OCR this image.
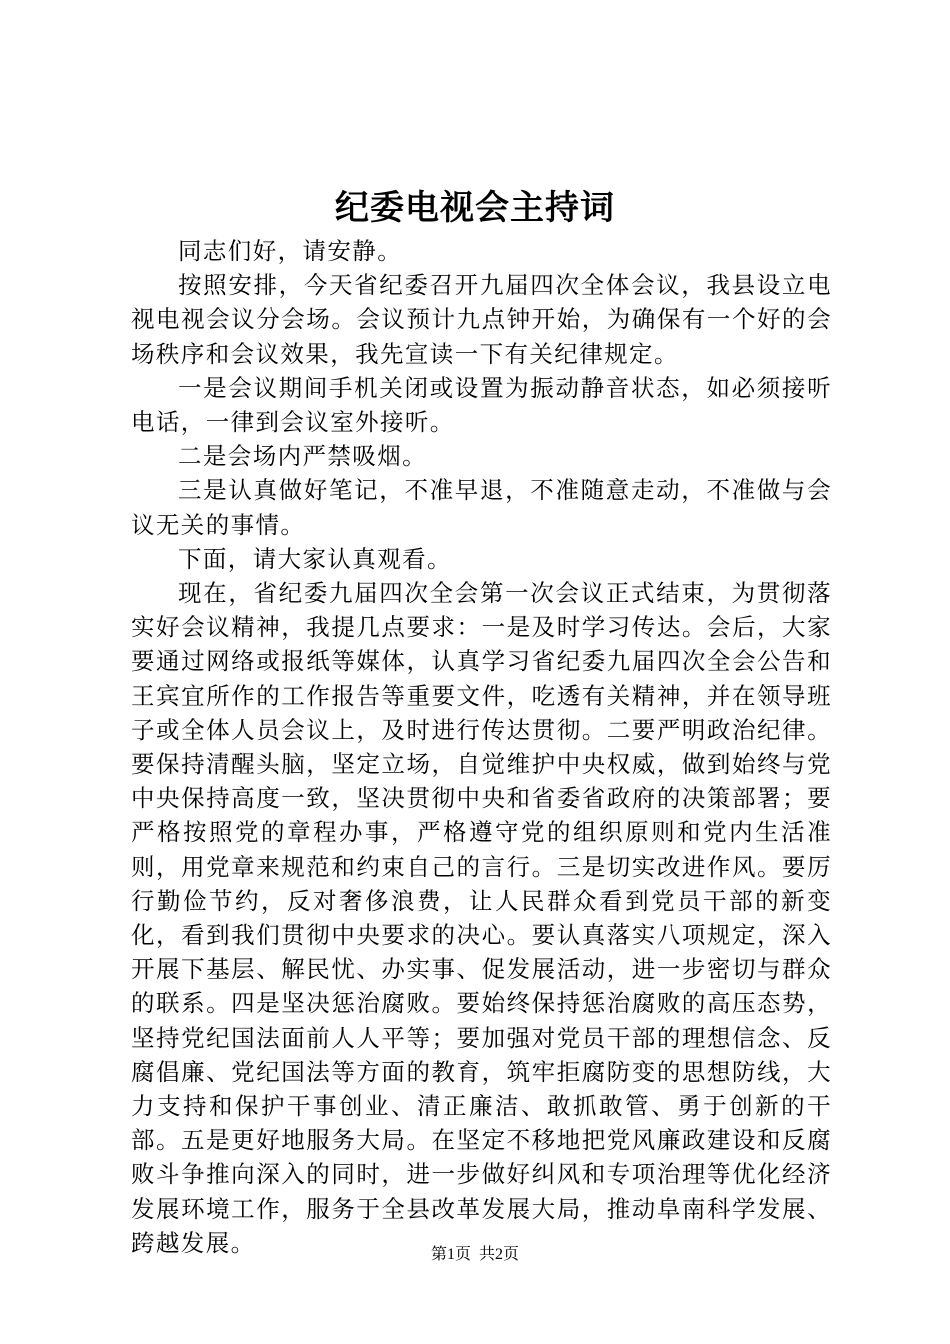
纪委电视会主持词

同志们好，请安静。

按照安排，今天省纪委召开九届四次全体会议，我县设立电视电视会议分会场。会议预计九点钟开始，为确保有一个好的会场秩序和会议效果，我先宣读一下有关纪律规定。

一是会议期间手机关闭或设置为振动静音状态，如必须接听电话，一律到会议室外接听。

二是会场内严禁吸烟。

三是认真做好笔记，不准早退，不准随意走动，不准做与会议无关的事情。

下面，请大家认真观看。

现在，省纪委九届四次全会第一次会议正式结束，为贯彻落实好会议精神，我提几点要求：一是及时学习传达。会后，大家要通过网络或报纸等媒体，认真学习省纪委九届四次全会公告和王宾宜所作的工作报告等重要文件，吃透有关精神，并在领导班子或全体人员会议上，及时进行传达贯彻。二要严明政治纪律。要保持清醒头脑，坚定立场，自觉维护中央权威，做到始终与党中央保持高度一致，坚决贯彻中央和省委省政府的决策部署；要严格按照党的章程办事，严格遵守党的组织原则和党内生活准则，用党章来规范和约束自己的言行。三是切实改进作风。要厉行勤俭节约，反对奢侈浪费，让人民群众看到党员干部的新变化，看到我们贯彻中央要求的决心。要认真落实八项规定，深入开展下基层、解民忧、办实事、促发展活动，进一步密切与群众的联系。四是坚决惩治腐败。要始终保持惩治腐败的高压态势，坚持党纪国法面前人人平等；要加强对党员干部的理想信念、反腐倡廉、党纪国法等方面的教育，筑牢拒腐防变的思想防线，大力支持和保护干事创业、清正廉洁、敢抓敢管、勇于创新的干部。五是更好地服务大局。在坚定不移地把党风廉政建设和反腐败斗争推向深入的同时，进一步做好纠风和专项治理等优化经济发展环境工作，服务于全县改革发展大局，推动阜南科学发展、跨越发展。	第1页 共2页
